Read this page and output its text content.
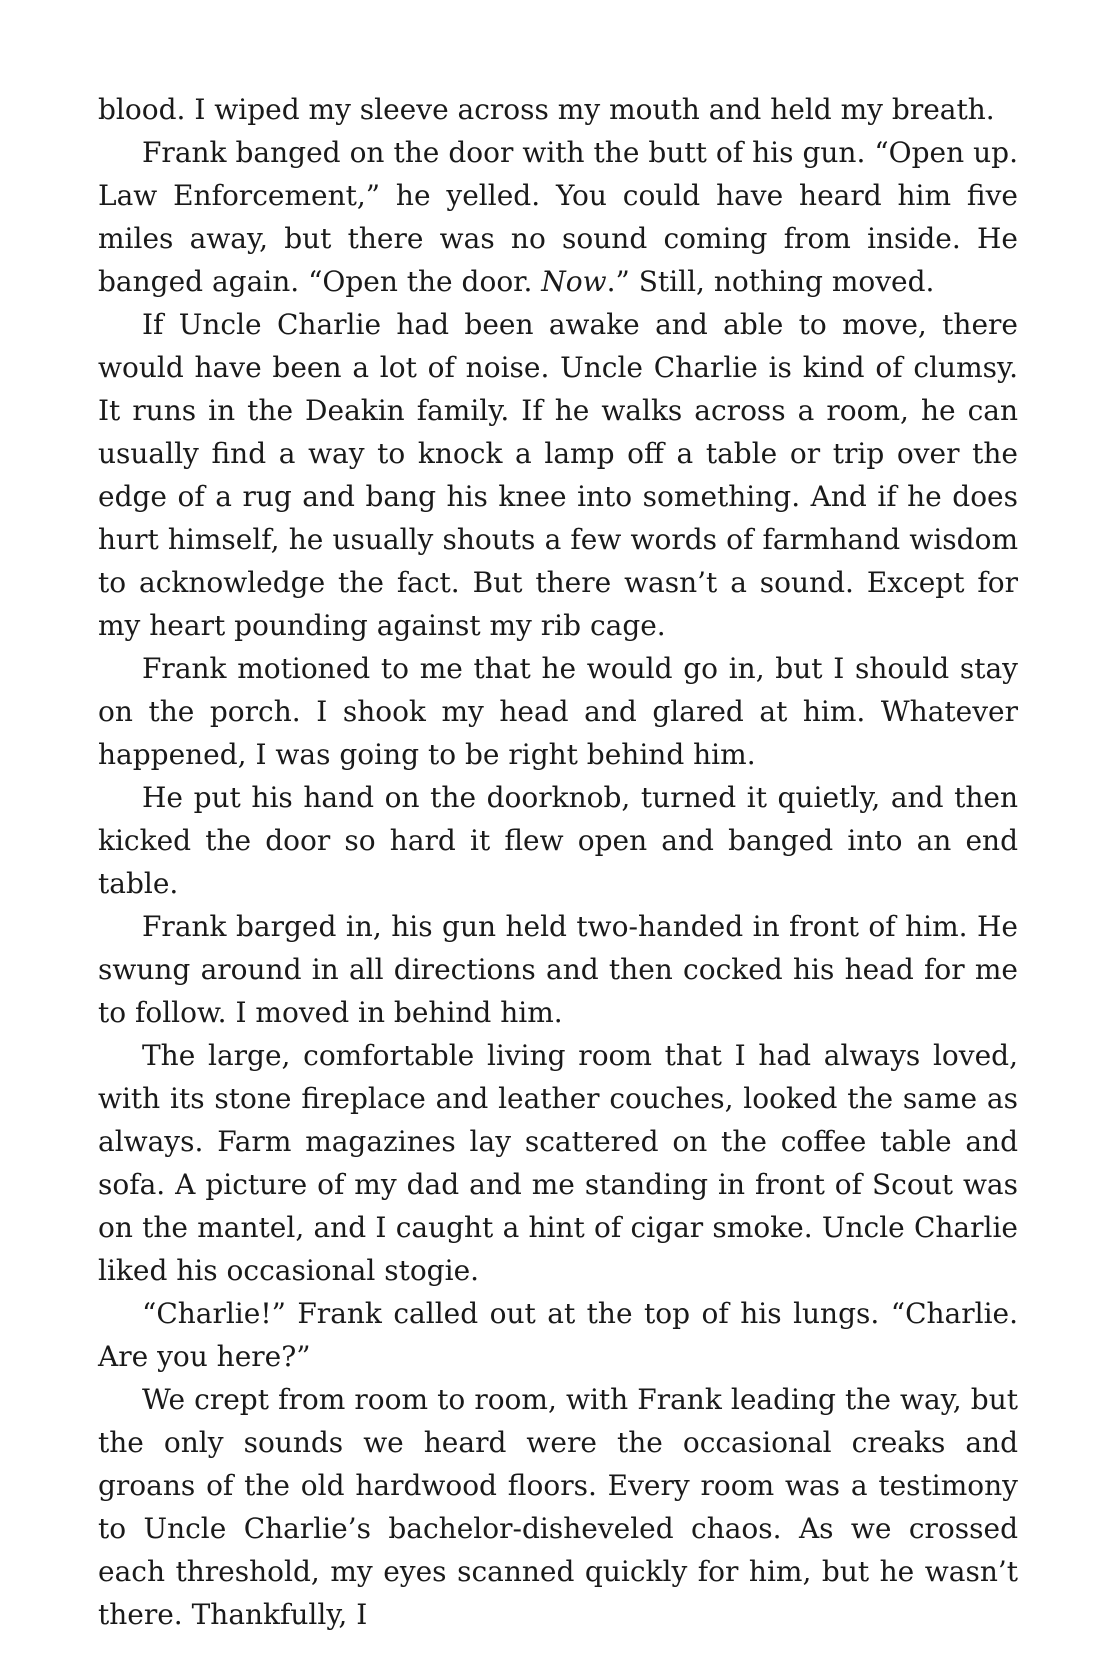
blood. I wiped my sleeve across my mouth and held my breath.

Frank banged on the door with the butt of his gun. “Open up. Law Enforcement,” he yelled. You could have heard him five miles away, but there was no sound coming from inside. He banged again. “Open the door. Now.” Still, nothing moved.

If Uncle Charlie had been awake and able to move, there would have been a lot of noise. Uncle Charlie is kind of clumsy. It runs in the Deakin family. If he walks across a room, he can usually find a way to knock a lamp off a table or trip over the edge of a rug and bang his knee into something. And if he does hurt himself, he usually shouts a few words of farmhand wisdom to acknowledge the fact. But there wasn’t a sound. Except for my heart pounding against my rib cage.

Frank motioned to me that he would go in, but I should stay on the porch. I shook my head and glared at him. Whatever happened, I was going to be right behind him.

He put his hand on the doorknob, turned it quietly, and then kicked the door so hard it flew open and banged into an end table.

Frank barged in, his gun held two-handed in front of him. He swung around in all directions and then cocked his head for me to follow. I moved in behind him.

The large, comfortable living room that I had always loved, with its stone fireplace and leather couches, looked the same as always. Farm magazines lay scattered on the coffee table and sofa. A picture of my dad and me standing in front of Scout was on the mantel, and I caught a hint of cigar smoke. Uncle Charlie liked his occasional stogie.

“Charlie!” Frank called out at the top of his lungs. “Charlie. Are you here?”

We crept from room to room, with Frank leading the way, but the only sounds we heard were the occasional creaks and groans of the old hardwood floors. Every room was a testimony to Uncle Charlie’s bachelor-disheveled chaos. As we crossed each threshold, my eyes scanned quickly for him, but he wasn’t there. Thankfully, I
